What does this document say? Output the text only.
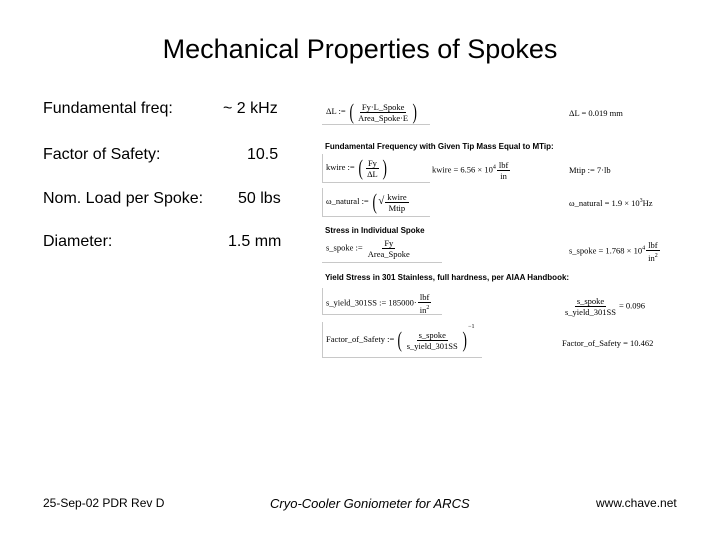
Mechanical Properties of Spokes
Fundamental freq:	~ 2 kHz
Factor of Safety:	10.5
Nom. Load per Spoke: 50 lbs
Diameter:	1.5 mm
ΔL := ( $\frac{\text{Fy·L\_Spoke}}{\text{Area\_Spoke·E}}$ )	ΔL = 0.019 mm
Fundamental Frequency with Given Tip Mass Equal to MTip:
kwire := ( $\frac{Fy}{\Delta L}$ )	kwire = $6.56 \times 10^4 \frac{\text{lbf}}{in}$	Mtip := 7·lb
ω_natural := (√ $\frac{\text{kwire}}{\text{Mtip}}$	ω_natural = $1.9 \times 10^3Hz$
Stress in Individual Spoke
s_spoke := $\frac{Fy}{\text{Area\_Spoke}}$	s_spoke = $1.768 \times 10^4 \frac{\text{lbf}}{in^2}$
Yield Stress in 301 Stainless, full hardness, per AIAA Handbook:
s_yield_301SS := $185000\cdot \frac{\text{lbf}}{in^2}$	$\frac{\text{s\_spoke}}{\text{s\_yield\_301SS}} = 0.096$
Factor_of_Safety := ( $\frac{\text{s\_spoke}}{\text{s\_yield\_301SS}} )^{-1}$
Factor_of_Safety = 10.462
25-Sep-02 PDR Rev D	Cryo-Cooler Goniometer for ARCS	www.chave.net
